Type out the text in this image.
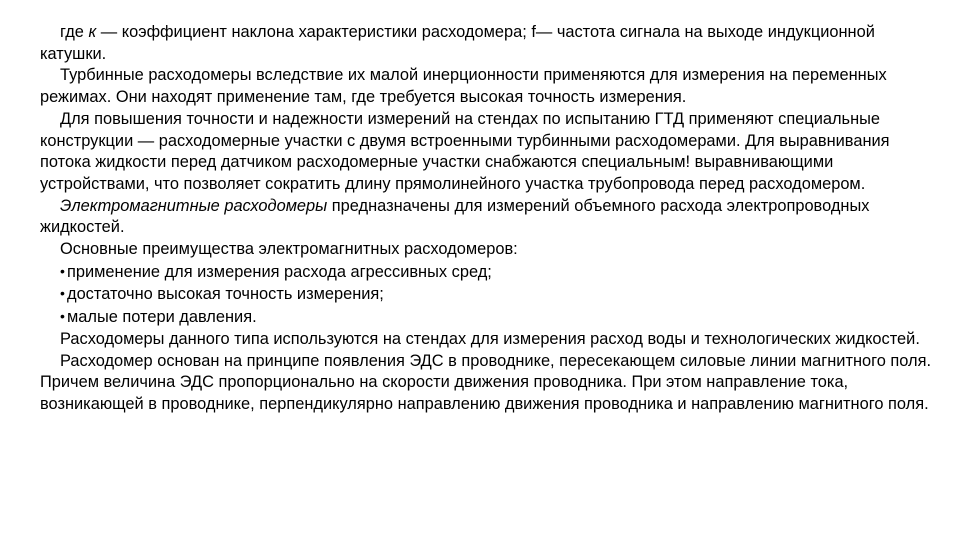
где к — коэффициент наклона характеристики расходомера; f— частота сигнала на выходе индукционной катушки.

Турбинные расходомеры вследствие их малой инерционности применяются для измерения на переменных режимах. Они находят применение там, где требуется высокая точность измерения.

Для повышения точности и надежности измерений на стендах по испытанию ГТД применяют специальные конструкции — расходомерные участки с двумя встроенными турбинными расходомерами. Для выравнивания потока жидкости перед датчиком расходомерные участки снабжаются специальным! выравнивающими устройствами, что позволяет сократить длину прямолинейного участка трубопровода перед расходомером.

Электромагнитные расходомеры предназначены для измерений объемного расхода электропроводных жидкостей.

Основные преимущества электромагнитных расходомеров:

• применение для измерения расхода агрессивных сред;

• достаточно высокая точность измерения;

• малые потери давления.

Расходомеры данного типа используются на стендах для измерения расход воды и технологических жидкостей.

Расходомер основан на принципе появления ЭДС в проводнике, пересекающем силовые линии магнитного поля. Причем величина ЭДС пропорционально на скорости движения проводника. При этом направление тока, возникающей в проводнике, перпендикулярно направлению движения проводника и направлению магнитного поля.
